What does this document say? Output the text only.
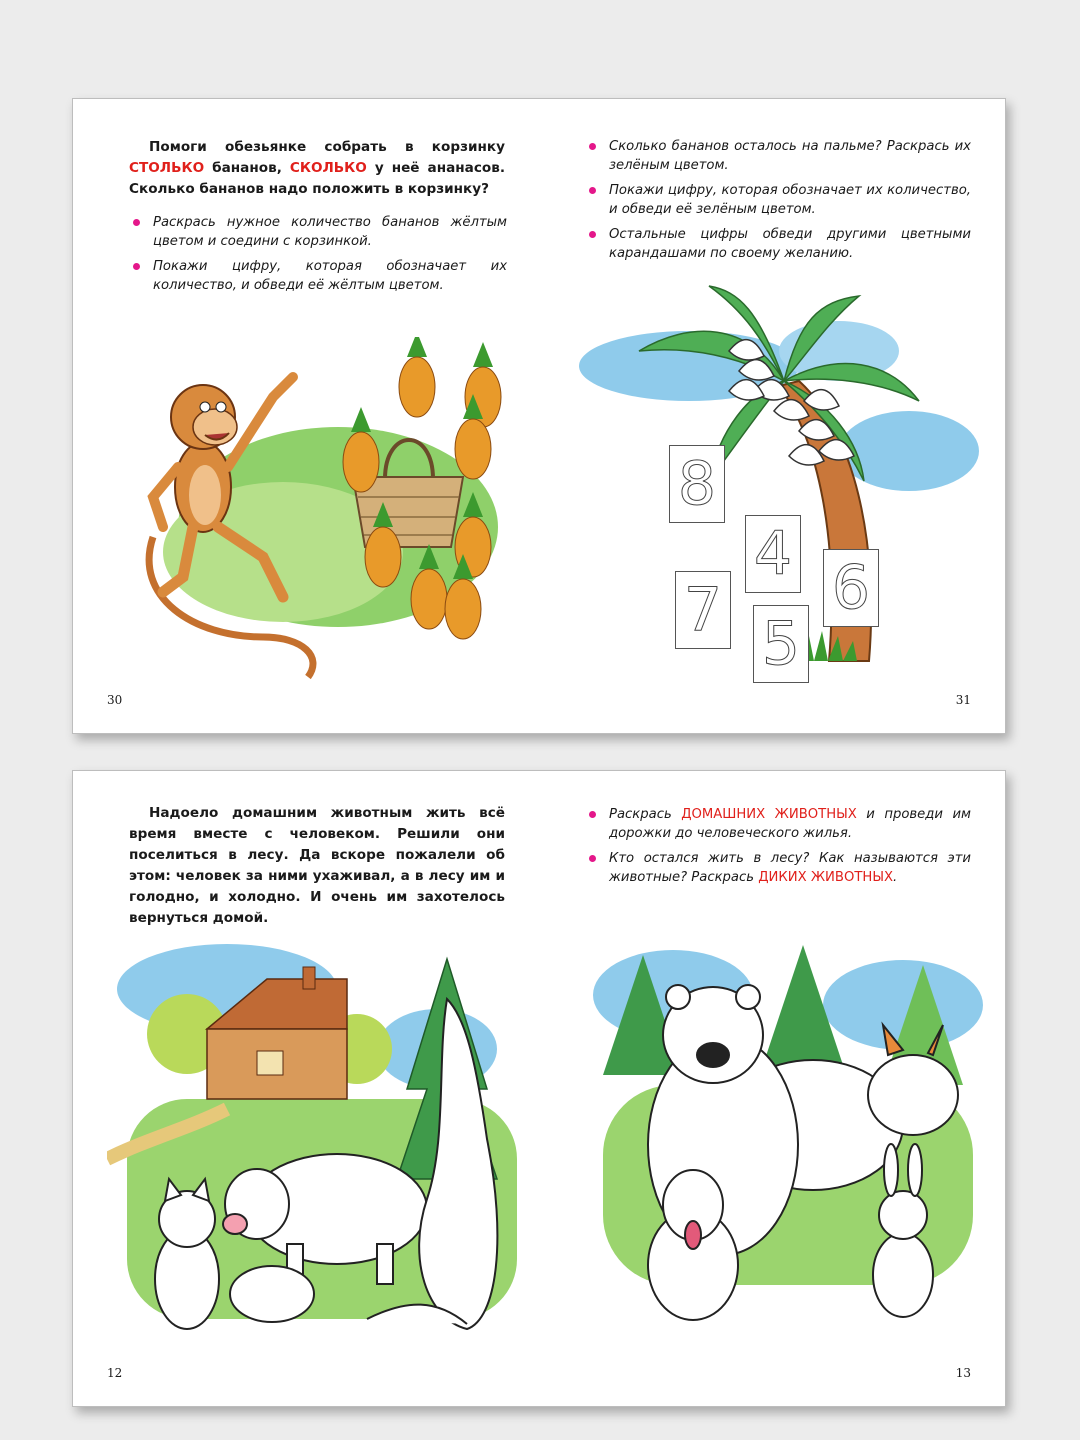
Помоги обезьянке собрать в корзинку СТОЛЬКО бананов, СКОЛЬКО у неё ананасов. Сколько бананов надо положить в корзинку?

Раскрась нужное количество бананов жёлтым цветом и соедини с корзинкой.
Покажи цифру, которая обозначает их количество, и обведи её жёлтым цветом.
30
Сколько бананов осталось на пальме? Раскрась их зелёным цветом.
Покажи цифру, которая обозначает их количество, и обведи её зелёным цветом.
Остальные цифры обведи другими цветными карандашами по своему желанию.
8
4
7 5
6
31

Надоело домашним животным жить всё время вместе с человеком. Решили они поселиться в лесу. Да вскоре пожалели об этом: человек за ними ухаживал, а в лесу им и голодно, и холодно. И очень им захотелось вернуться домой.

12
Раскрась ДОМАШНИХ ЖИВОТНЫХ и проведи им дорожки до человеческого жилья.
Кто остался жить в лесу? Как называются эти животные? Раскрась ДИКИХ ЖИВОТНЫХ.
13
